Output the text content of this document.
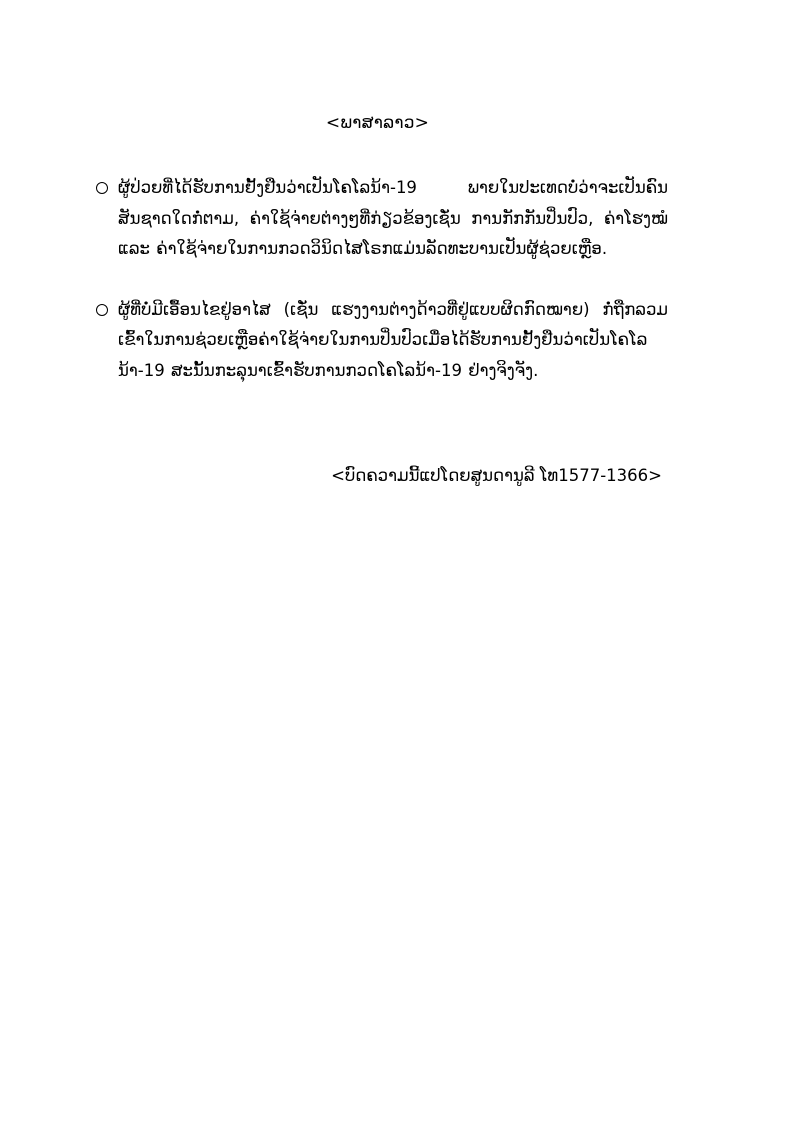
<ພາສາລາວ>
ຜູ້ປ່ວຍທີ່ໄດ້ຮັບການຢັ້ງຢືນວ່າເປັນໂຄໂລນ້າ-19 ພາຍໃນປະເທດບໍ່ວ່າຈະເປັນຄົນສັນຊາດໃດກໍ່ຕາມ, ຄ່າໃຊ້ຈ່າຍຕ່າງໆທີ່ກ່ຽວຂ້ອງເຊັ່ນ ການກັກກັນປິ່ນປົວ, ຄ່າໂຮງໝໍ ແລະ ຄ່າໃຊ້ຈ່າຍໃນການກວດວິນິດໄສໂຣກແມ່ນລັດທະບານເປັນຜູ້ຊ່ວຍເຫຼືອ.
ຜູ້ທີ່ບໍ່ມີເອື້ອນໄຂຢູ່ອາໄສ (ເຊັ່ນ ແຮງງານຕ່າງດ້າວທີ່ຢູ່ແບບຜິດກົດໝາຍ) ກໍ່ຖືກລວມເຂົ້າໃນການຊ່ວຍເຫຼືອຄ່າໃຊ້ຈ່າຍໃນການປິ່ນປົວເມື່ອໄດ້ຮັບການຢັ້ງຢືນວ່າເປັນໂຄໂລນ້າ-19 ສະນັ້ນກະລຸນາເຂົ້າຮັບການກວດໂຄໂລນ້າ-19 ຢ່າງຈິງຈັງ.
<ບົດຄວາມນີ້ແປໂດຍສູນດານູລີ ໂທ1577-1366>
